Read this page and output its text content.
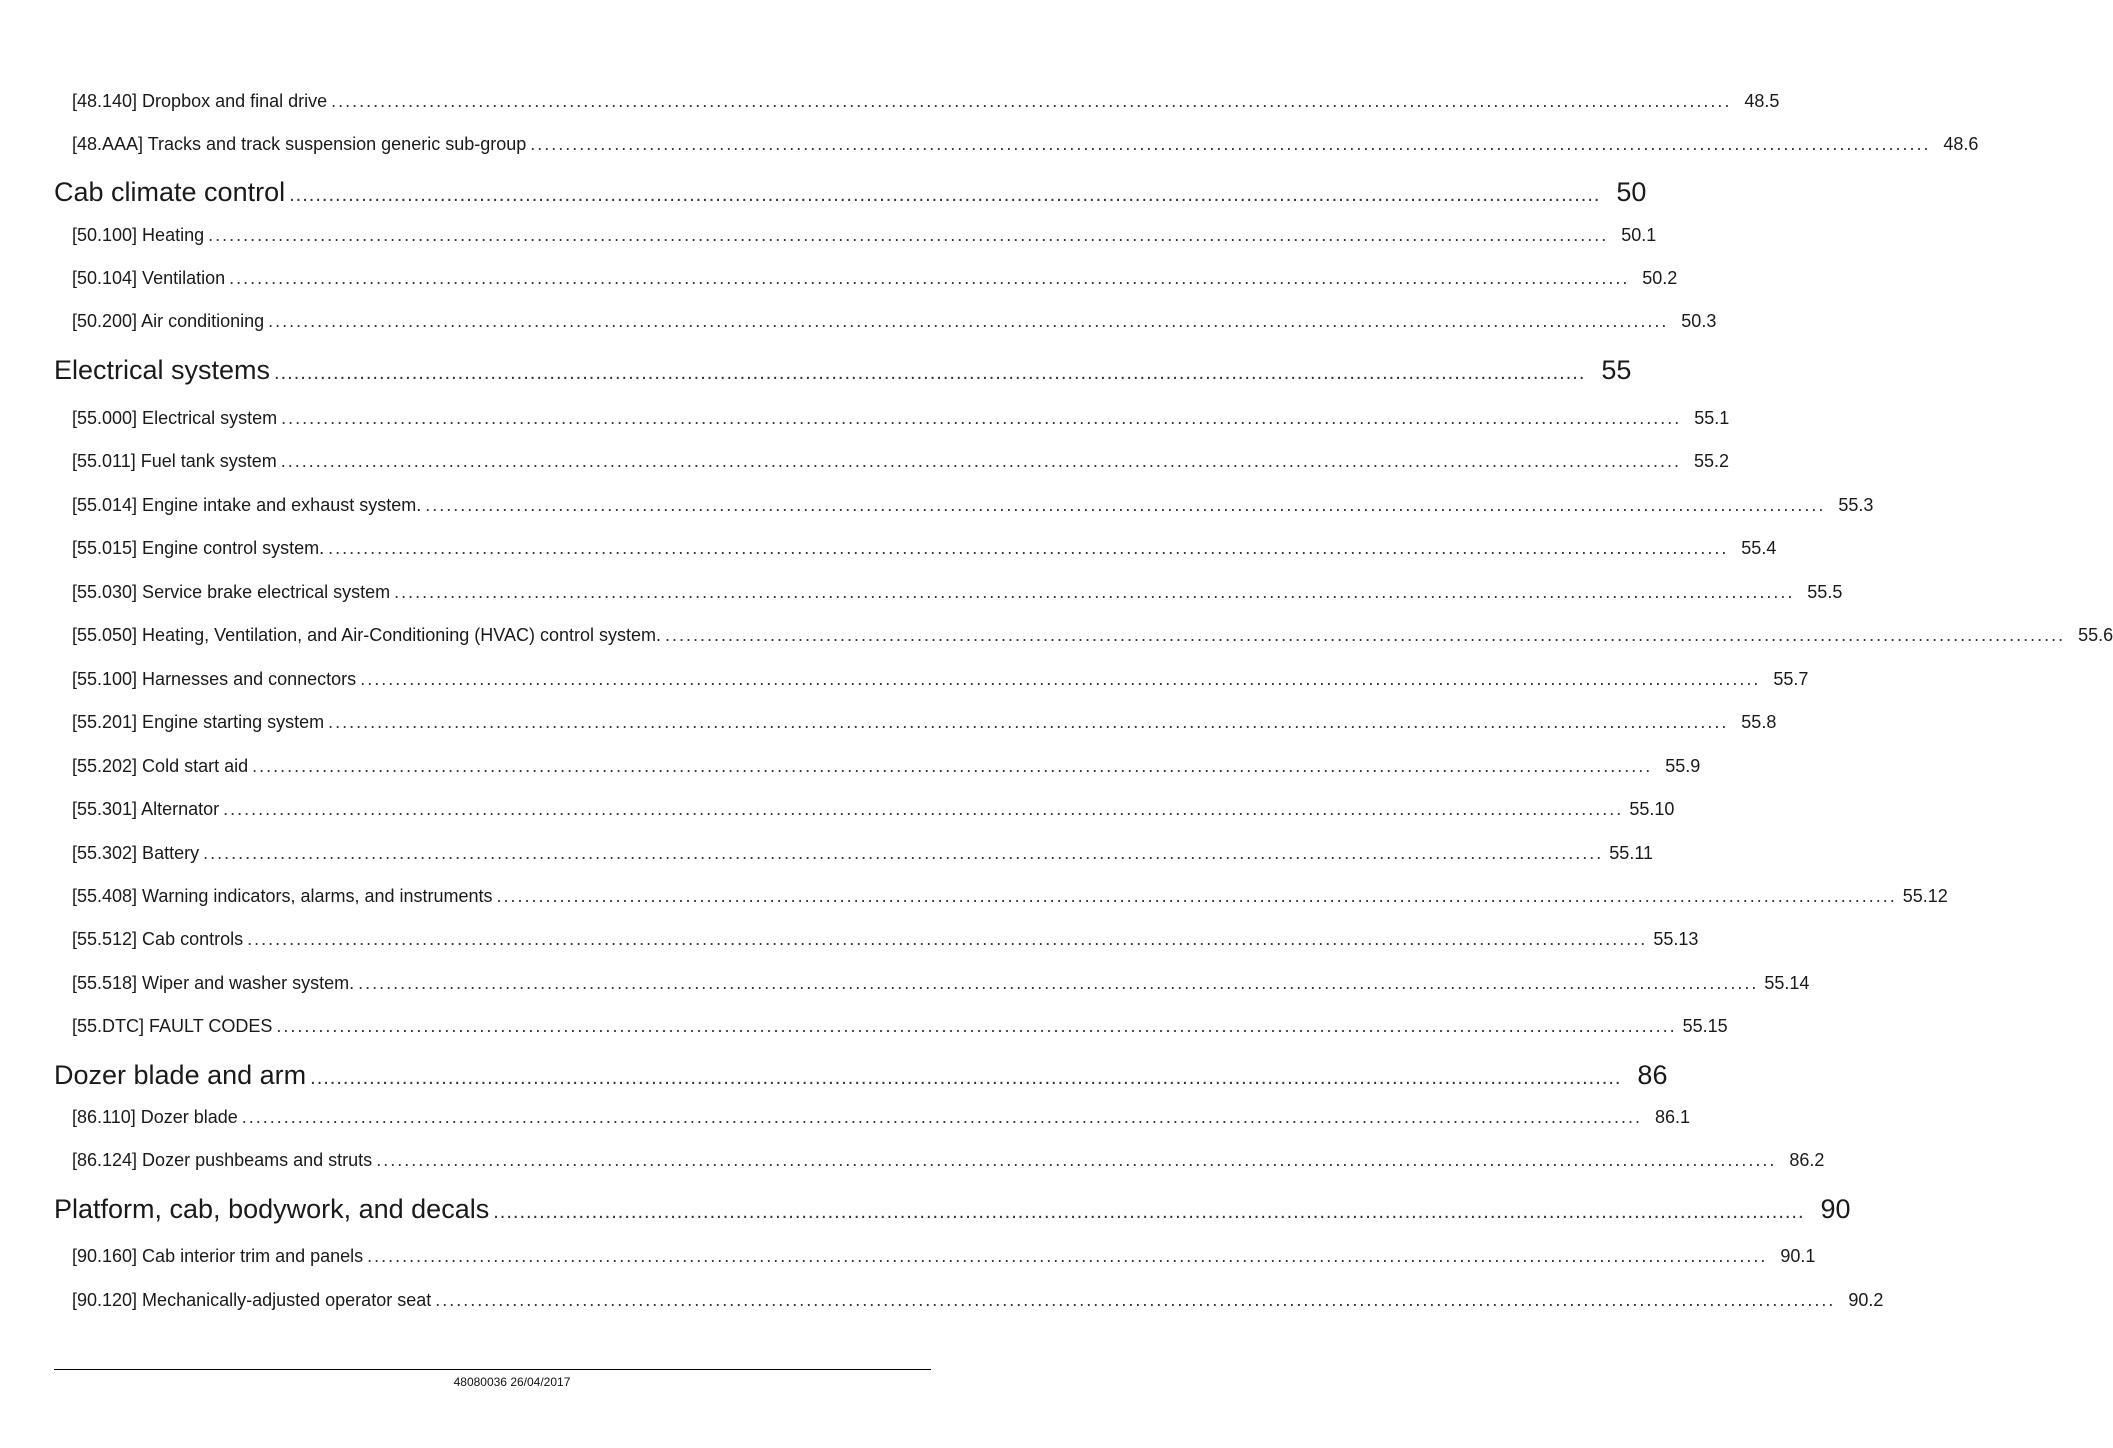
[48.140] Dropbox and final drive ........................................................................................................................................................................................................ 48.5
[48.AAA] Tracks and track suspension generic sub-group ........................................................................................................................................................................................................ 48.6
Cab climate control ........................................................................................................................................................................................................ 50
[50.100] Heating ........................................................................................................................................................................................................ 50.1
[50.104] Ventilation ........................................................................................................................................................................................................ 50.2
[50.200] Air conditioning ........................................................................................................................................................................................................ 50.3
Electrical systems ........................................................................................................................................................................................................ 55
[55.000] Electrical system ........................................................................................................................................................................................................ 55.1
[55.011] Fuel tank system ........................................................................................................................................................................................................ 55.2
[55.014] Engine intake and exhaust system. ........................................................................................................................................................................................................ 55.3
[55.015] Engine control system. ........................................................................................................................................................................................................ 55.4
[55.030] Service brake electrical system ........................................................................................................................................................................................................ 55.5
[55.050] Heating, Ventilation, and Air-Conditioning (HVAC) control system. ........................................................................................................................................................................................................ 55.6
[55.100] Harnesses and connectors ........................................................................................................................................................................................................ 55.7
[55.201] Engine starting system ........................................................................................................................................................................................................ 55.8
[55.202] Cold start aid ........................................................................................................................................................................................................ 55.9
[55.301] Alternator ........................................................................................................................................................................................................ 55.10
[55.302] Battery ........................................................................................................................................................................................................ 55.11
[55.408] Warning indicators, alarms, and instruments ........................................................................................................................................................................................................ 55.12
[55.512] Cab controls ........................................................................................................................................................................................................ 55.13
[55.518] Wiper and washer system. ........................................................................................................................................................................................................ 55.14
[55.DTC] FAULT CODES ........................................................................................................................................................................................................ 55.15
Dozer blade and arm ........................................................................................................................................................................................................ 86
[86.110] Dozer blade ........................................................................................................................................................................................................ 86.1
[86.124] Dozer pushbeams and struts ........................................................................................................................................................................................................ 86.2
Platform, cab, bodywork, and decals ........................................................................................................................................................................................................ 90
[90.160] Cab interior trim and panels ........................................................................................................................................................................................................ 90.1
[90.120] Mechanically-adjusted operator seat ........................................................................................................................................................................................................ 90.2
48080036 26/04/2017
